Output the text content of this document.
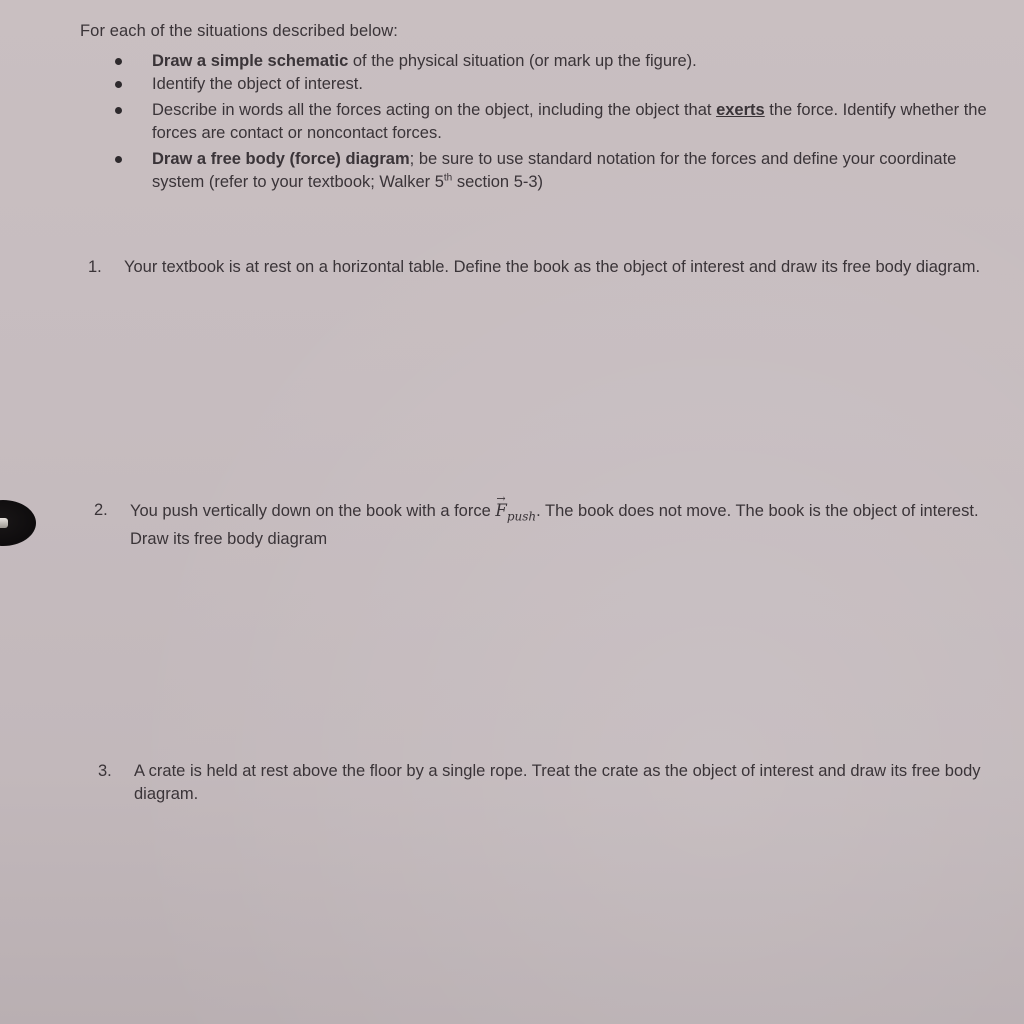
For each of the situations described below:
Draw a simple schematic of the physical situation (or mark up the figure).
Identify the object of interest.
Describe in words all the forces acting on the object, including the object that exerts the force. Identify whether the forces are contact or noncontact forces.
Draw a free body (force) diagram; be sure to use standard notation for the forces and define your coordinate system (refer to your textbook; Walker 5th section 5-3)
1. Your textbook is at rest on a horizontal table. Define the book as the object of interest and draw its free body diagram.
2. You push vertically down on the book with a force → $F_{push}$. The book does not move. The book is the object of interest. Draw its free body diagram
3. A crate is held at rest above the floor by a single rope. Treat the crate as the object of interest and draw its free body diagram.
